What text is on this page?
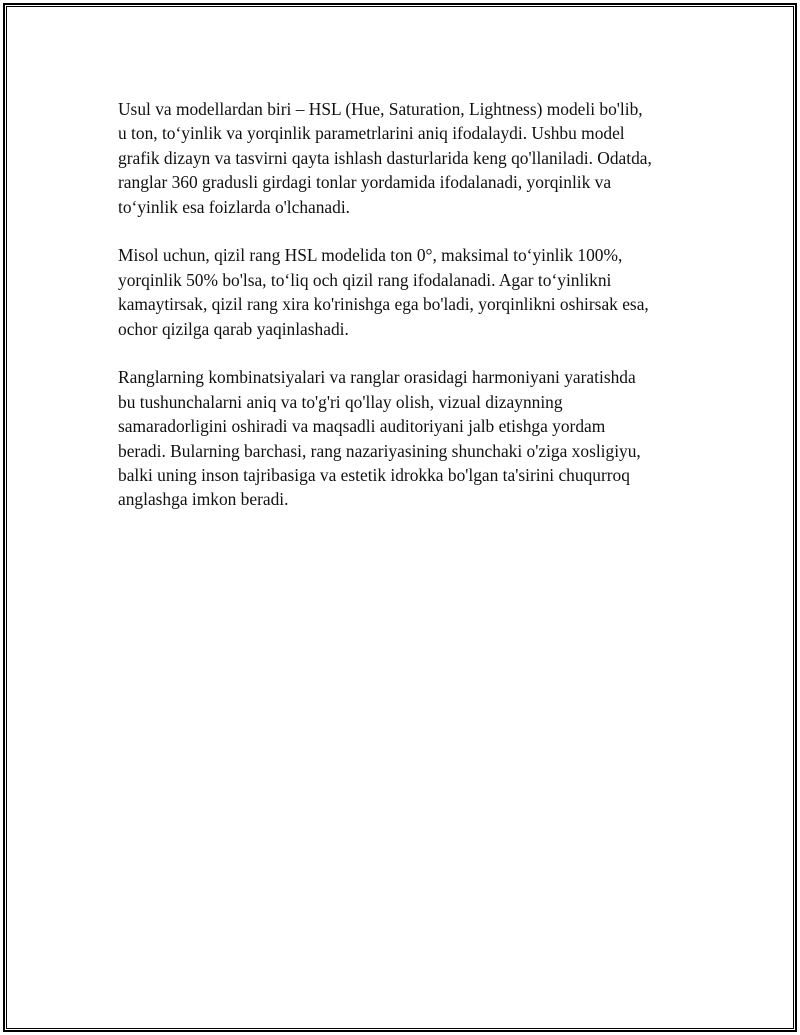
Usul va modellardan biri – HSL (Hue, Saturation, Lightness) modeli bo'lib,
u ton, to‘yinlik va yorqinlik parametrlarini aniq ifodalaydi. Ushbu model
grafik dizayn va tasvirni qayta ishlash dasturlarida keng qo'llaniladi. Odatda,
ranglar 360 gradusli girdagi tonlar yordamida ifodalanadi, yorqinlik va
to‘yinlik esa foizlarda o'lchanadi.

Misol uchun, qizil rang HSL modelida ton 0°, maksimal to‘yinlik 100%,
yorqinlik 50% bo'lsa, to‘liq och qizil rang ifodalanadi. Agar to‘yinlikni
kamaytirsak, qizil rang xira ko'rinishga ega bo'ladi, yorqinlikni oshirsak esa,
ochor qizilga qarab yaqinlashadi.

Ranglarning kombinatsiyalari va ranglar orasidagi harmoniyani yaratishda
bu tushunchalarni aniq va to'g'ri qo'llay olish, vizual dizaynning
samaradorligini oshiradi va maqsadli auditoriyani jalb etishga yordam
beradi. Bularning barchasi, rang nazariyasining shunchaki o'ziga xosligiyu,
balki uning inson tajribasiga va estetik idrokka bo'lgan ta'sirini chuqurroq
anglashga imkon beradi.
